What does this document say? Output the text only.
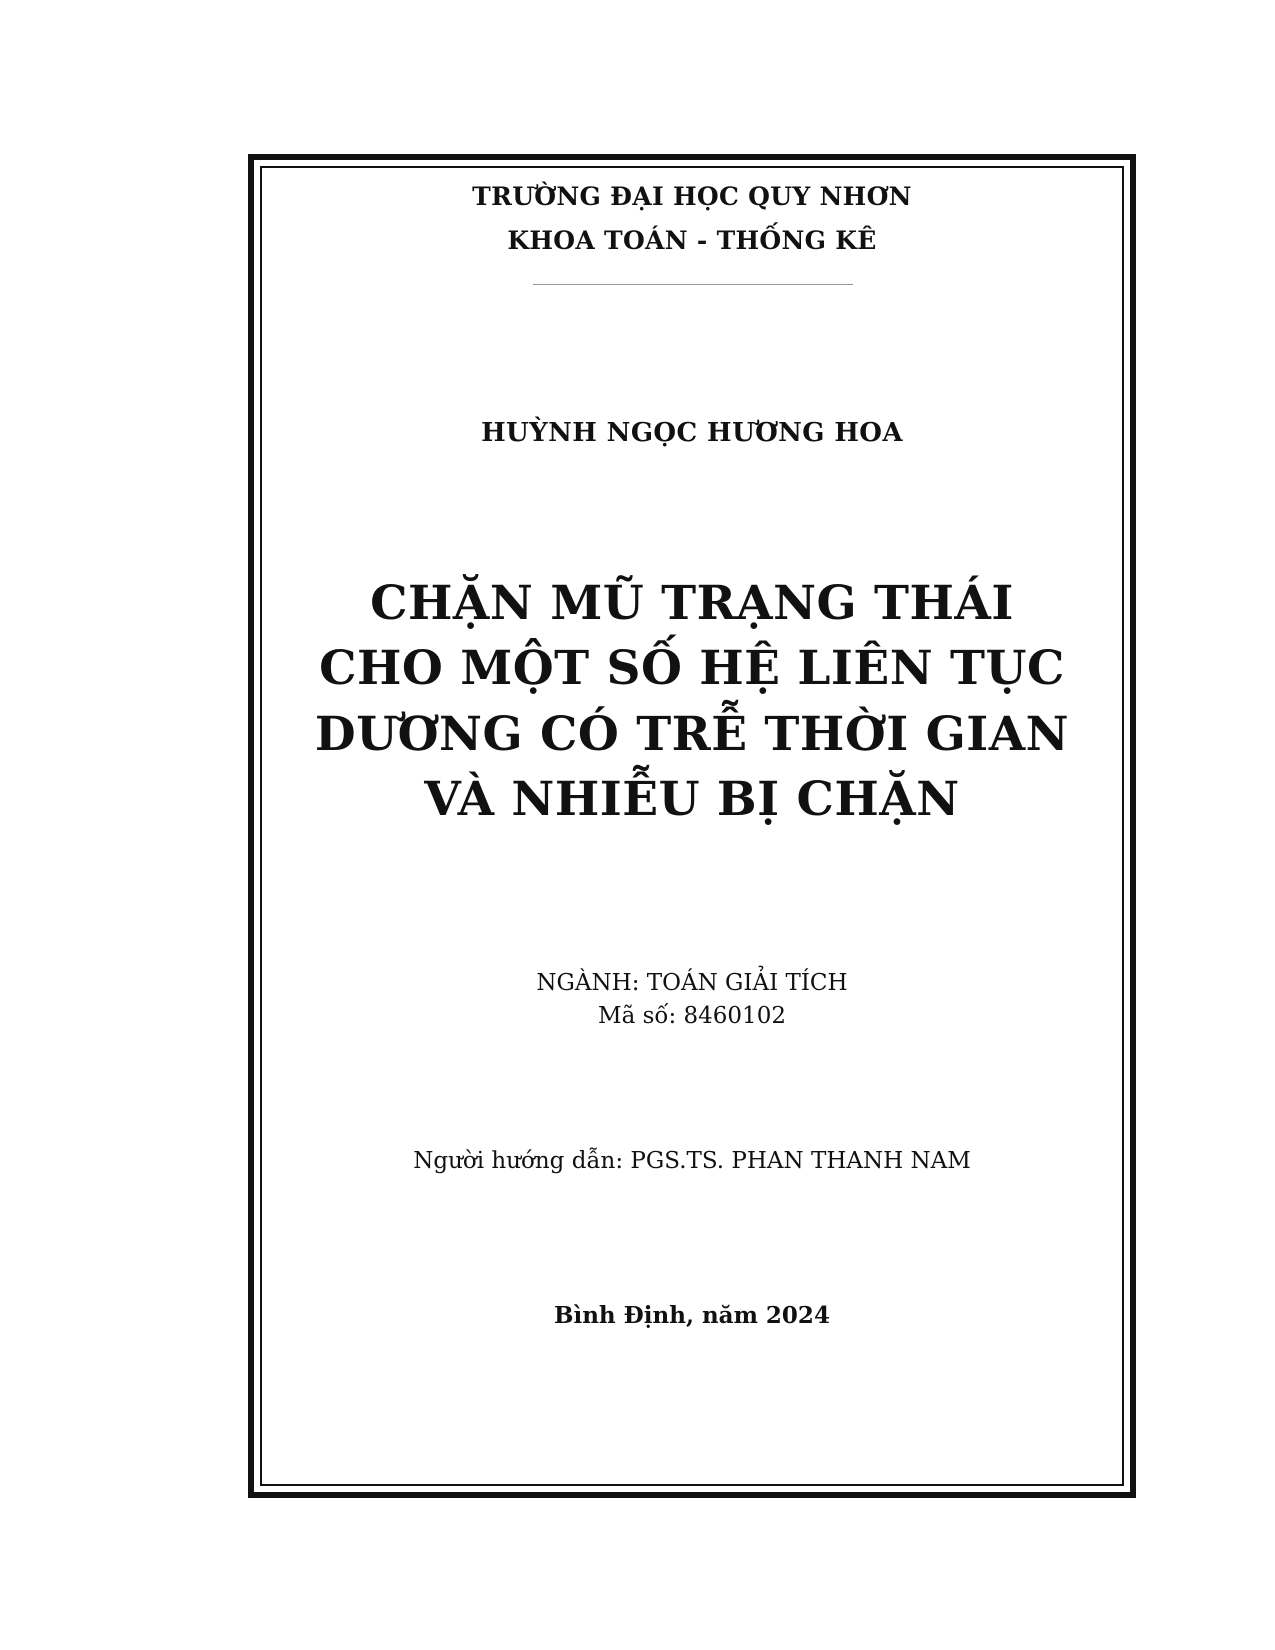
TRƯỜNG ĐẠI HỌC QUY NHƠN
KHOA TOÁN - THỐNG KÊ
HUỲNH NGỌC HƯƠNG HOA
CHẶN MŨ TRẠNG THÁI
CHO MỘT SỐ HỆ LIÊN TỤC
DƯƠNG CÓ TRỄ THỜI GIAN
VÀ NHIỄU BỊ CHẶN
NGÀNH: TOÁN GIẢI TÍCH
Mã số: 8460102
Người hướng dẫn: PGS.TS. PHAN THANH NAM
Bình Định, năm 2024
